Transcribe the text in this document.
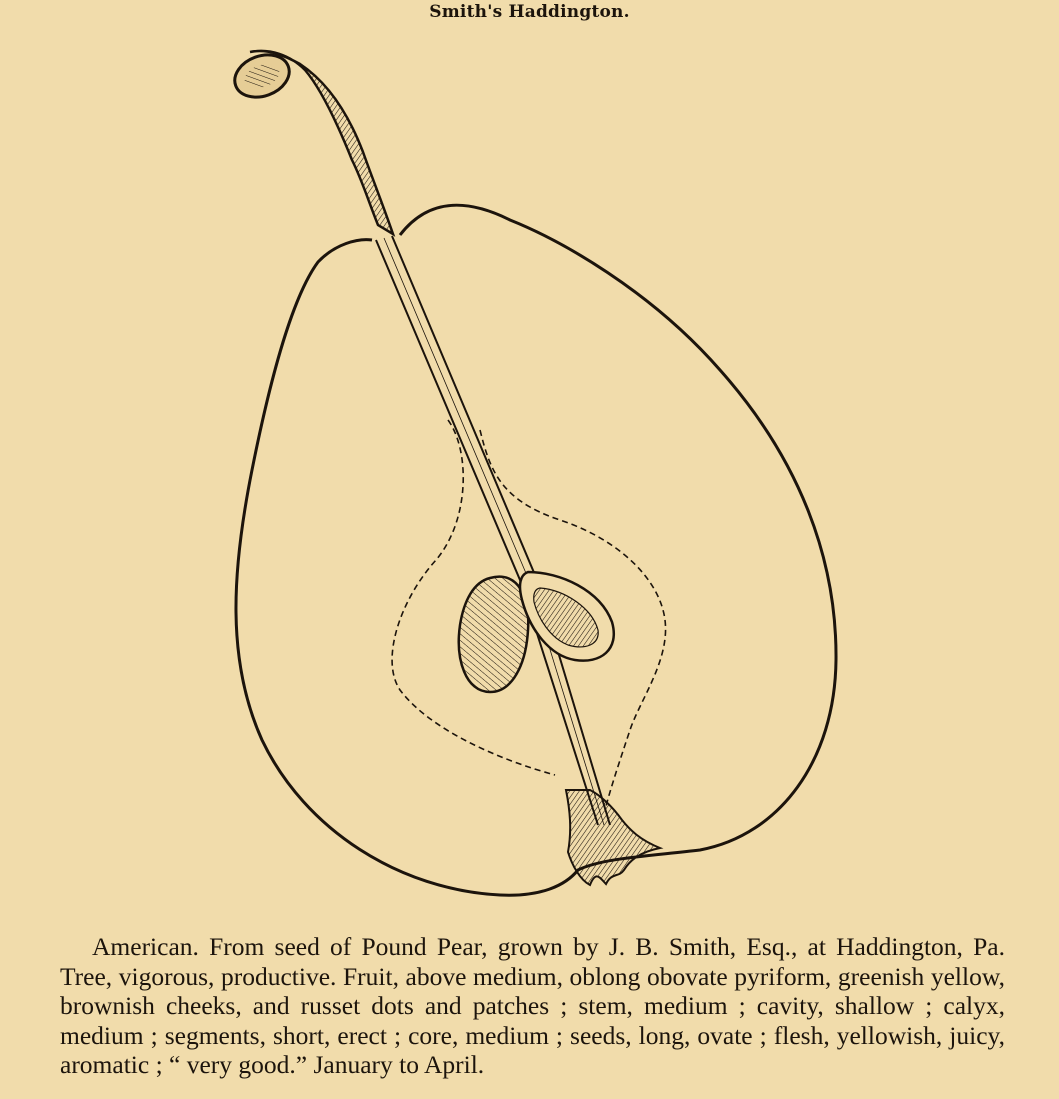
Smith's Haddington.

American. From seed of Pound Pear, grown by J. B. Smith, Esq., at Haddington, Pa. Tree, vigorous, productive. Fruit, above medium, oblong obovate pyriform, greenish yellow, brownish cheeks, and russet dots and patches ; stem, medium ; cavity, shallow ; calyx, medium ; segments, short, erect ; core, medium ; seeds, long, ovate ; flesh, yellowish, juicy, aromatic ; “ very good.” January to April.
